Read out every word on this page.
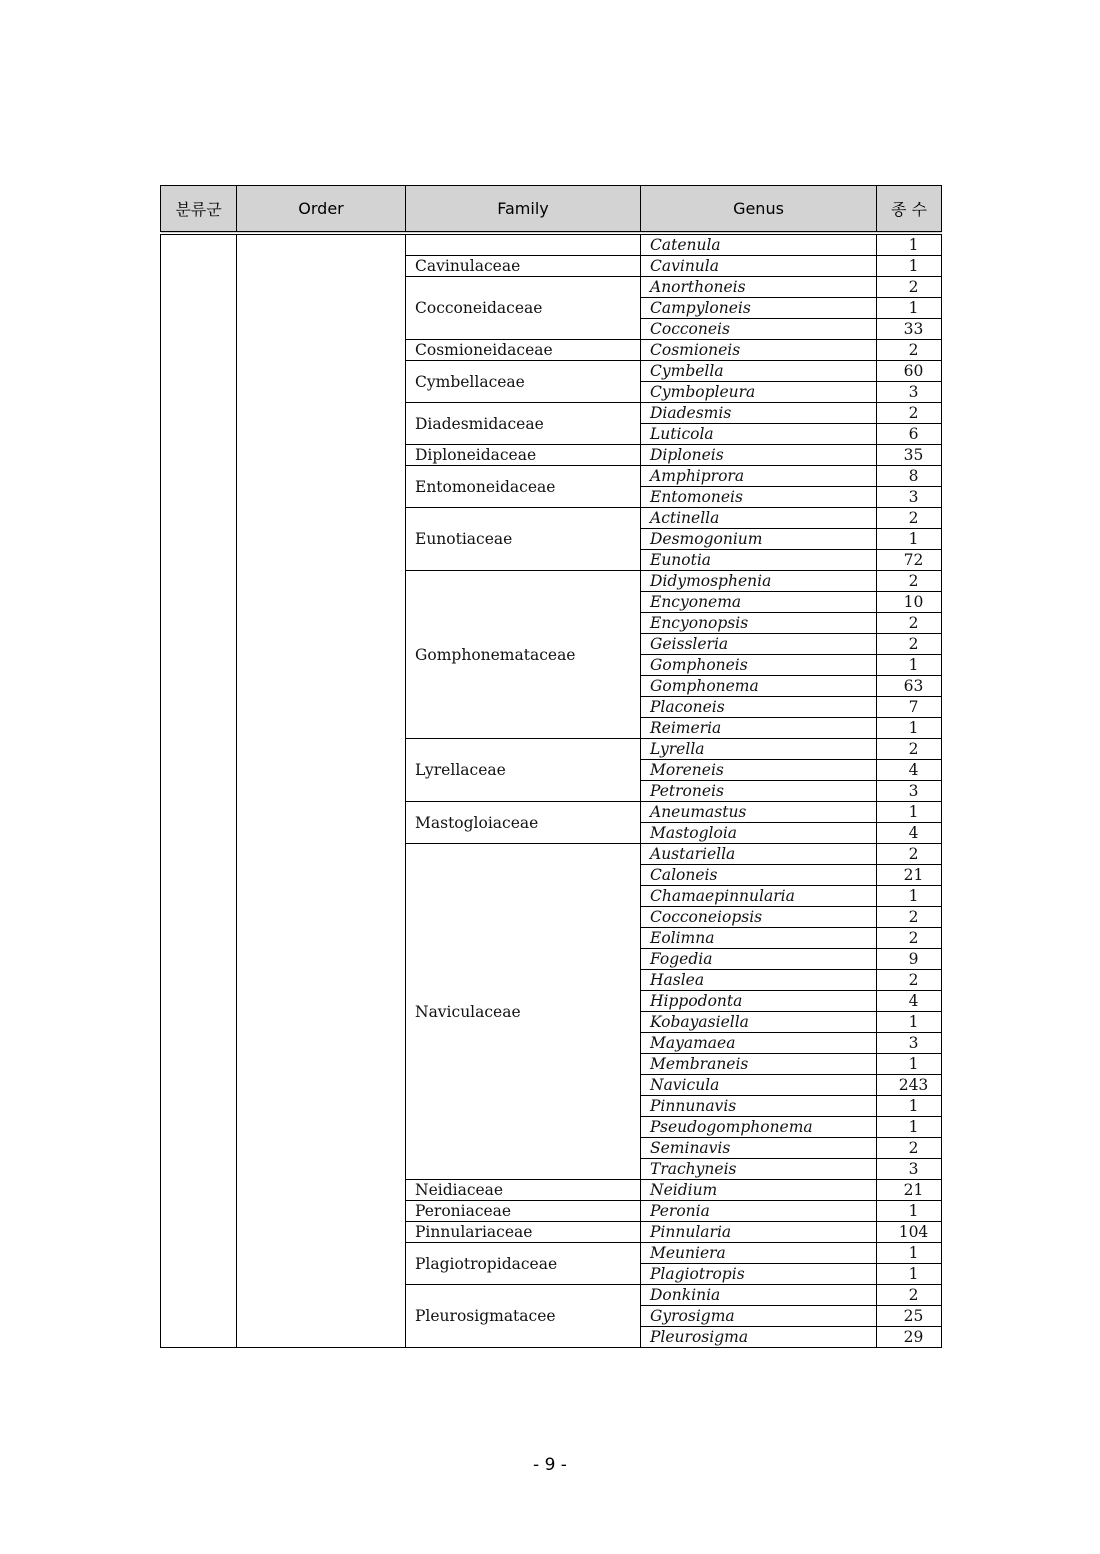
분류군	Order	Family	Genus	종 수
			Catenula	1
		Cavinulaceae	Cavinula	1
		Cocconeidaceae	Anorthoneis	2
			Campyloneis	1
			Cocconeis	33
		Cosmioneidaceae	Cosmioneis	2
		Cymbellaceae	Cymbella	60
			Cymbopleura	3
		Diadesmidaceae	Diadesmis	2
			Luticola	6
		Diploneidaceae	Diploneis	35
		Entomoneidaceae	Amphiprora	8
			Entomoneis	3
		Eunotiaceae	Actinella	2
			Desmogonium	1
			Eunotia	72
		Gomphonemataceae	Didymosphenia	2
			Encyonema	10
			Encyonopsis	2
			Geissleria	2
			Gomphoneis	1
			Gomphonema	63
			Placoneis	7
			Reimeria	1
		Lyrellaceae	Lyrella	2
			Moreneis	4
			Petroneis	3
		Mastogloiaceae	Aneumastus	1
			Mastogloia	4
		Naviculaceae	Austariella	2
			Caloneis	21
			Chamaepinnularia	1
			Cocconeiopsis	2
			Eolimna	2
			Fogedia	9
			Haslea	2
			Hippodonta	4
			Kobayasiella	1
			Mayamaea	3
			Membraneis	1
			Navicula	243
			Pinnunavis	1
			Pseudogomphonema	1
			Seminavis	2
			Trachyneis	3
		Neidiaceae	Neidium	21
		Peroniaceae	Peronia	1
		Pinnulariaceae	Pinnularia	104
		Plagiotropidaceae	Meuniera	1
			Plagiotropis	1
		Pleurosigmatacee	Donkinia	2
			Gyrosigma	25
			Pleurosigma	29
- 9 -
